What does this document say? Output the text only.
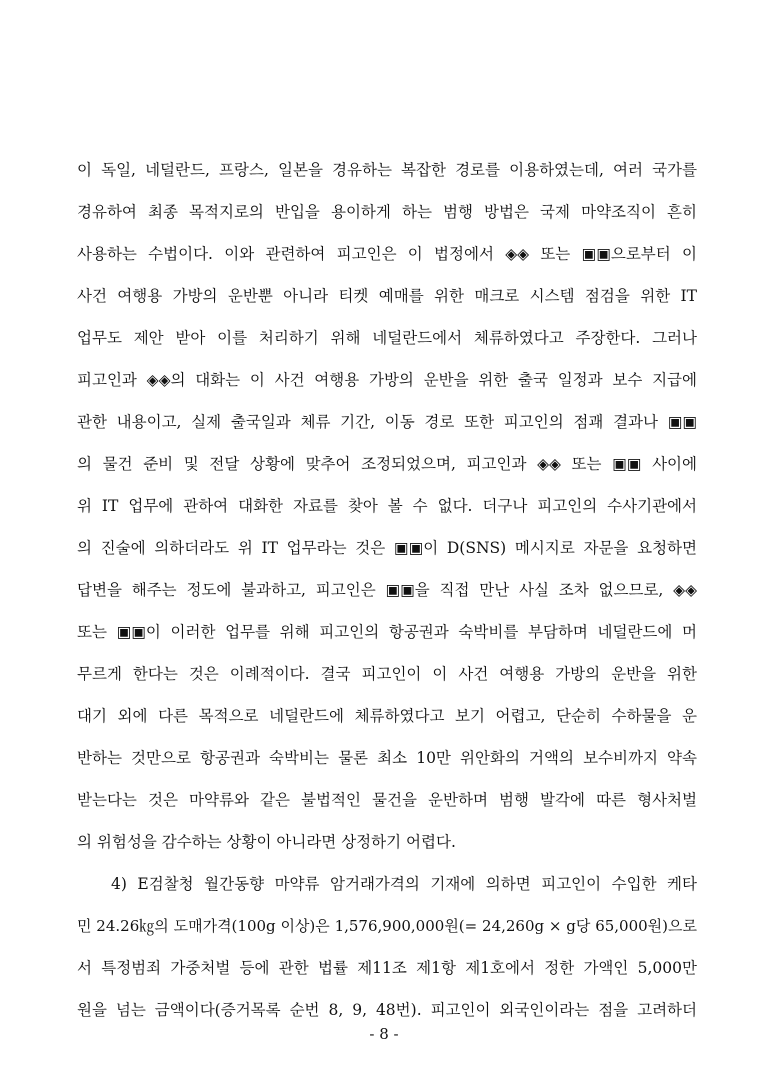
이 독일, 네덜란드, 프랑스, 일본을 경유하는 복잡한 경로를 이용하였는데, 여러 국가를
경유하여 최종 목적지로의 반입을 용이하게 하는 범행 방법은 국제 마약조직이 흔히
사용하는 수법이다. 이와 관련하여 피고인은 이 법정에서 ◈◈ 또는 ▣▣으로부터 이
사건 여행용 가방의 운반뿐 아니라 티켓 예매를 위한 매크로 시스템 점검을 위한 IT
업무도 제안 받아 이를 처리하기 위해 네덜란드에서 체류하였다고 주장한다. 그러나
피고인과 ◈◈의 대화는 이 사건 여행용 가방의 운반을 위한 출국 일정과 보수 지급에
관한 내용이고, 실제 출국일과 체류 기간, 이동 경로 또한 피고인의 점괘 결과나 ▣▣
의 물건 준비 및 전달 상황에 맞추어 조정되었으며, 피고인과 ◈◈ 또는 ▣▣ 사이에
위 IT 업무에 관하여 대화한 자료를 찾아 볼 수 없다. 더구나 피고인의 수사기관에서
의 진술에 의하더라도 위 IT 업무라는 것은 ▣▣이 D(SNS) 메시지로 자문을 요청하면
답변을 해주는 정도에 불과하고, 피고인은 ▣▣을 직접 만난 사실 조차 없으므로, ◈◈
또는 ▣▣이 이러한 업무를 위해 피고인의 항공권과 숙박비를 부담하며 네덜란드에 머
무르게 한다는 것은 이례적이다. 결국 피고인이 이 사건 여행용 가방의 운반을 위한
대기 외에 다른 목적으로 네덜란드에 체류하였다고 보기 어렵고, 단순히 수하물을 운
반하는 것만으로 항공권과 숙박비는 물론 최소 10만 위안화의 거액의 보수비까지 약속
받는다는 것은 마약류와 같은 불법적인 물건을 운반하며 범행 발각에 따른 형사처벌
의 위험성을 감수하는 상황이 아니라면 상정하기 어렵다.
4) E검찰청 월간동향 마약류 암거래가격의 기재에 의하면 피고인이 수입한 케타
민 24.26㎏의 도매가격(100g 이상)은 1,576,900,000원(= 24,260g × g당 65,000원)으로
서 특정범죄 가중처벌 등에 관한 법률 제11조 제1항 제1호에서 정한 가액인 5,000만
원을 넘는 금액이다(증거목록 순번 8, 9, 48번). 피고인이 외국인이라는 점을 고려하더
- 8 -
